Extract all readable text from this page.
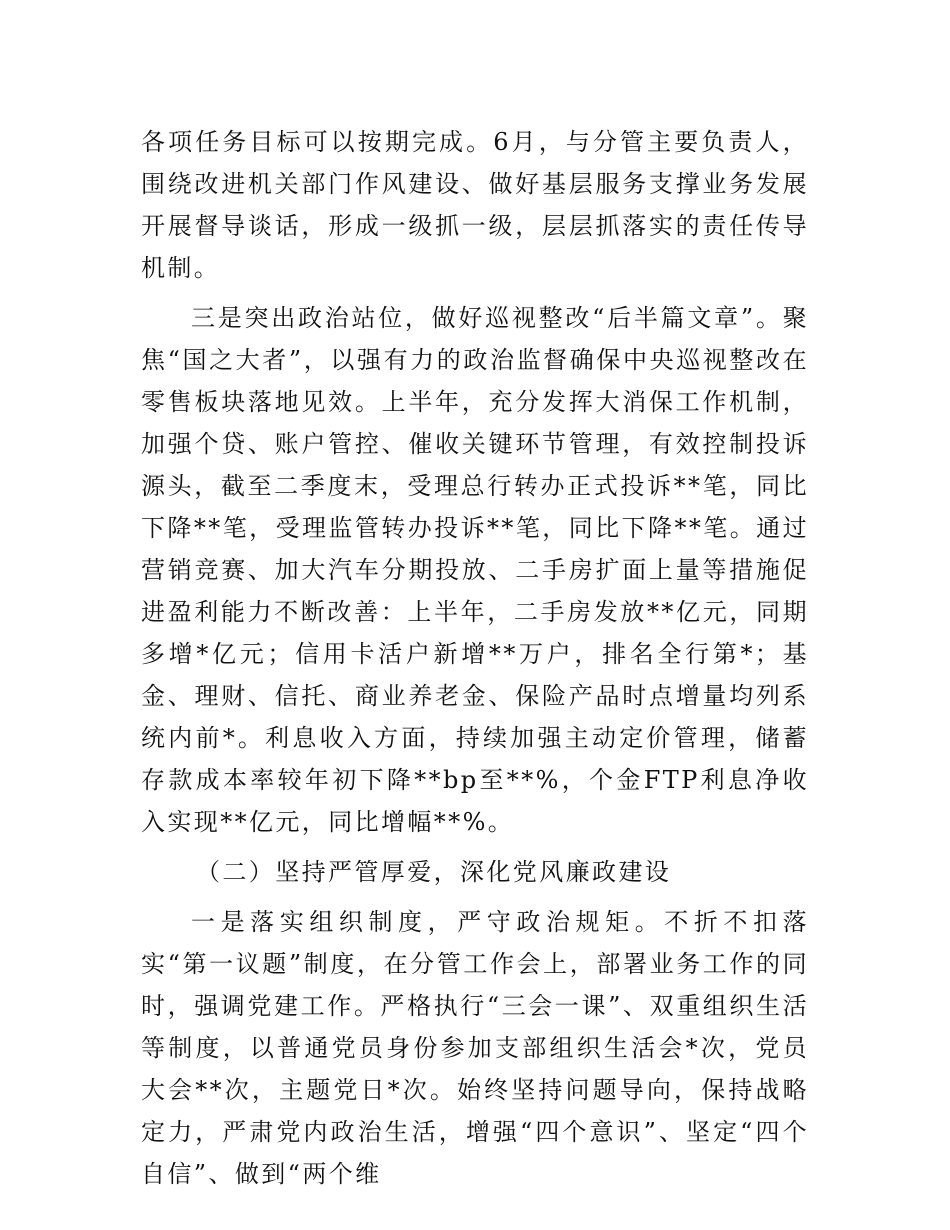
各项任务目标可以按期完成。6月，与分管主要负责人，围绕改进机关部门作风建设、做好基层服务支撑业务发展开展督导谈话，形成一级抓一级，层层抓落实的责任传导机制。

三是突出政治站位，做好巡视整改“后半篇文章”。聚焦“国之大者”，以强有力的政治监督确保中央巡视整改在零售板块落地见效。上半年，充分发挥大消保工作机制，加强个贷、账户管控、催收关键环节管理，有效控制投诉源头，截至二季度末，受理总行转办正式投诉**笔，同比下降**笔，受理监管转办投诉**笔，同比下降**笔。通过营销竞赛、加大汽车分期投放、二手房扩面上量等措施促进盈利能力不断改善：上半年，二手房发放**亿元，同期多增*亿元；信用卡活户新增**万户，排名全行第*；基金、理财、信托、商业养老金、保险产品时点增量均列系统内前*。利息收入方面，持续加强主动定价管理，储蓄存款成本率较年初下降**bp至**%，个金FTP利息净收入实现**亿元，同比增幅**%。

（二）坚持严管厚爱，深化党风廉政建设

一是落实组织制度，严守政治规矩。不折不扣落实“第一议题”制度，在分管工作会上，部署业务工作的同时，强调党建工作。严格执行“三会一课”、双重组织生活等制度，以普通党员身份参加支部组织生活会*次，党员大会**次，主题党日*次。始终坚持问题导向，保持战略定力，严肃党内政治生活，增强“四个意识”、坚定“四个自信”、做到“两个维
